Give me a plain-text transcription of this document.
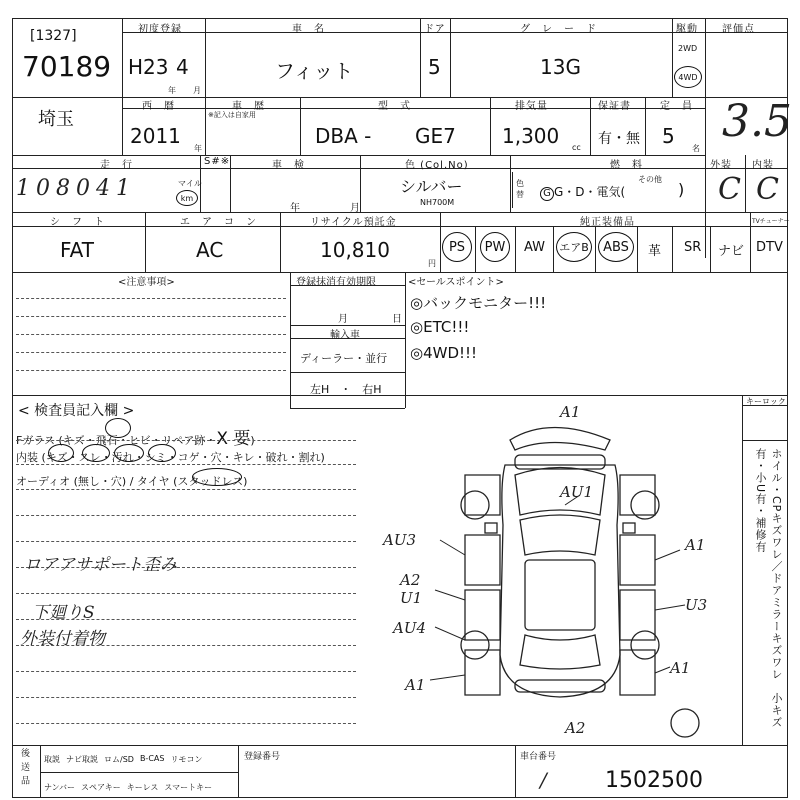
[1327]
70189
初度登録
H23 4
年 月
車　名
フィット
ドア
5
グ　レ　ー　ド
13G
駆動
2WD
4WD
評価点
3.5
埼玉
西　暦
2011
年
車　歴
※記入は自家用
型　式
DBA - GE7
排気量
1,300 cc
保証書
有・無
定　員
5
名
走　行
108041	マイル
km
S#※	車　検
年	月
色 (Col.No)
シルバー
NH700M
色替
燃　料
G G・D・電気(
その他
)
外装
C
内装
C
シ　フ　ト
FAT
エ　ア　コ　ン
AC
リサイクル預託金
10,810
円
純正装備品	TVチューナー
PS PW AW エアB ABS 革 SR ナビ DTV
<注意事項>	登録抹消有効期限
月	日
輸入車
ディーラー・並行
左H　・　右H
<セールスポイント>
◎バックモニター!!!
◎ETC!!!
◎4WD!!!
< 検査員記入欄 >
Fガラス (キズ・飛石・ヒビ・リペア跡・X 要)
内装 (キズ・スレ・汚れ・シミ・コゲ・穴・キレ・破れ・割れ)
オーディオ (無し・穴) / タイヤ (スタッドレス)
ロアアサポート歪み
下廻りS
外装付着物
A1
AU1
AU3	A1
A2
U1	U3
AU4
A1
A1
A2
キーロック
ホイル・CPキズワレ／ドアミラーキズワレ　小キズ有・小U有・補修有
後 送 品 取説 ナビ取説 ロム/SD B-CAS リモコン
ナンバー スペアキー キーレス スマートキー
登録番号	車台番号
/	1502500
